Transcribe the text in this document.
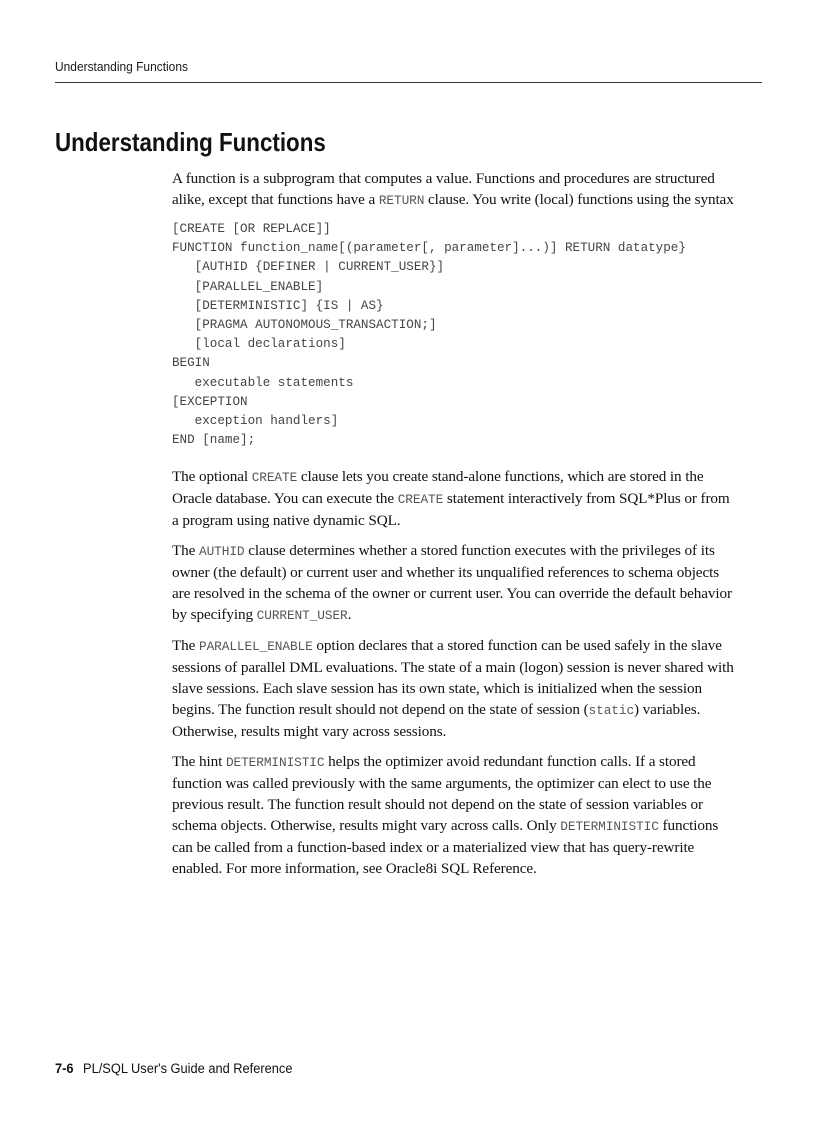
Understanding Functions
Understanding Functions

A function is a subprogram that computes a value. Functions and procedures are structured alike, except that functions have a RETURN clause. You write (local) functions using the syntax

[CREATE [OR REPLACE]]
FUNCTION function_name[(parameter[, parameter]...)] RETURN datatype}
[AUTHID {DEFINER | CURRENT_USER}]
[PARALLEL_ENABLE]
[DETERMINISTIC] {IS | AS}
[PRAGMA AUTONOMOUS_TRANSACTION;]
[local declarations]
BEGIN
executable statements
[EXCEPTION
exception handlers]
END [name];

The optional CREATE clause lets you create stand-alone functions, which are stored in the Oracle database. You can execute the CREATE statement interactively from SQL*Plus or from a program using native dynamic SQL.

The AUTHID clause determines whether a stored function executes with the privileges of its owner (the default) or current user and whether its unqualified references to schema objects are resolved in the schema of the owner or current user. You can override the default behavior by specifying CURRENT_USER.

The PARALLEL_ENABLE option declares that a stored function can be used safely in the slave sessions of parallel DML evaluations. The state of a main (logon) session is never shared with slave sessions. Each slave session has its own state, which is initialized when the session begins. The function result should not depend on the state of session (static) variables. Otherwise, results might vary across sessions.

The hint DETERMINISTIC helps the optimizer avoid redundant function calls. If a stored function was called previously with the same arguments, the optimizer can elect to use the previous result. The function result should not depend on the state of session variables or schema objects. Otherwise, results might vary across calls. Only DETERMINISTIC functions can be called from a function-based index or a materialized view that has query-rewrite enabled. For more information, see Oracle8i SQL Reference.

7-6 PL/SQL User's Guide and Reference
